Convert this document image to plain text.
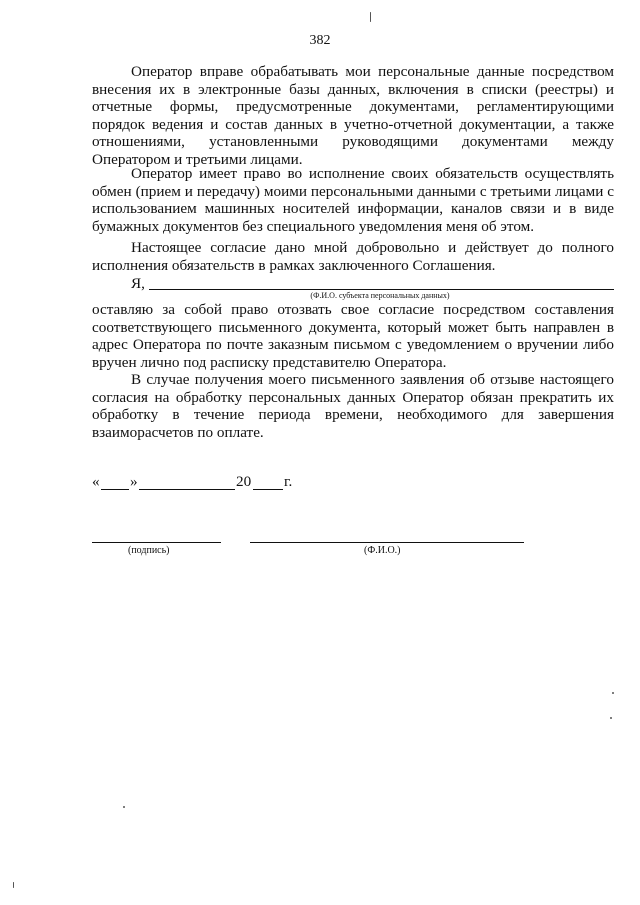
382
Оператор вправе обрабатывать мои персональные данные посредством внесения их в электронные базы данных, включения в списки (реестры) и отчетные формы, предусмотренные документами, регламентирующими порядок ведения и состав данных в учетно-отчетной документации, а также отношениями, установленными руководящими документами между Оператором и третьими лицами.
Оператор имеет право во исполнение своих обязательств осуществлять обмен (прием и передачу) моими персональными данными с третьими лицами с использованием машинных носителей информации, каналов связи и в виде бумажных документов без специального уведомления меня об этом.
Настоящее согласие дано мной добровольно и действует до полного исполнения обязательств в рамках заключенного Соглашения.
Я,
(Ф.И.О. субъекта персональных данных)
оставляю за собой право отозвать свое согласие посредством составления соответствующего письменного документа, который может быть направлен в адрес Оператора по почте заказным письмом с уведомлением о вручении либо вручен лично под расписку представителю Оператора.
В случае получения моего письменного заявления об отзыве настоящего согласия на обработку персональных данных Оператор обязан прекратить их обработку в течение периода времени, необходимого для завершения взаиморасчетов по оплате.
« »	20 г.
(подпись)	(Ф.И.О.)
